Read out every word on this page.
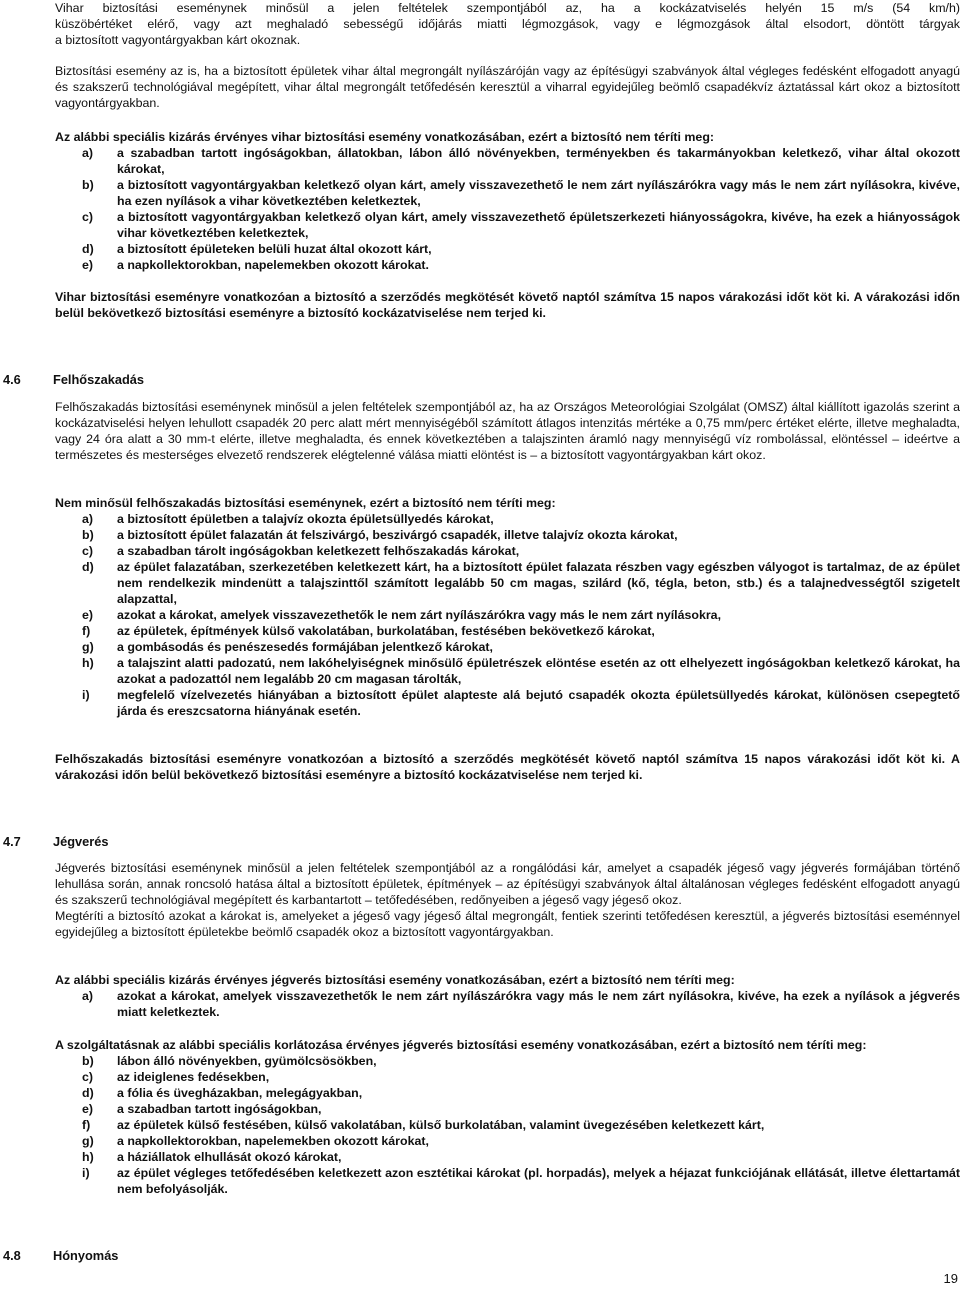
Vihar biztosítási eseménynek minősül a jelen feltételek szempontjából az, ha a kockázatviselés helyén 15 m/s (54 km/h)
küszöbértéket elérő, vagy azt meghaladó sebességű időjárás miatti légmozgások, vagy e légmozgások által elsodort, döntött tárgyak
a biztosított vagyontárgyakban kárt okoznak.

Biztosítási esemény az is, ha a biztosított épületek vihar által megrongált nyílászáróján vagy az építésügyi szabványok által végleges fedésként elfogadott anyagú és szakszerű technológiával megépített, vihar által megrongált tetőfedésén keresztül a viharral egyidejűleg beömlő csapadékvíz áztatással kárt okoz a biztosított vagyontárgyakban.

Az alábbi speciális kizárás érvényes vihar biztosítási esemény vonatkozásában, ezért a biztosító nem téríti meg:

a) a szabadban tartott ingóságokban, állatokban, lábon álló növényekben, terményekben és takarmányokban keletkező, vihar által okozott károkat,
b) a biztosított vagyontárgyakban keletkező olyan kárt, amely visszavezethető le nem zárt nyílászárókra vagy más le nem zárt nyílásokra, kivéve, ha ezen nyílások a vihar következtében keletkeztek,
c) a biztosított vagyontárgyakban keletkező olyan kárt, amely visszavezethető épületszerkezeti hiányosságokra, kivéve, ha ezek a hiányosságok vihar következtében keletkeztek,
d) a biztosított épületeken belüli huzat által okozott kárt,
e) a napkollektorokban, napelemekben okozott károkat.

Vihar biztosítási eseményre vonatkozóan a biztosító a szerződés megkötését követő naptól számítva 15 napos várakozási időt köt ki. A várakozási időn belül bekövetkező biztosítási eseményre a biztosító kockázatviselése nem terjed ki.

4.6	Felhőszakadás

Felhőszakadás biztosítási eseménynek minősül a jelen feltételek szempontjából az, ha az Országos Meteorológiai Szolgálat (OMSZ) által kiállított igazolás szerint a kockázatviselési helyen lehullott csapadék 20 perc alatt mért mennyiségéből számított átlagos intenzitás mértéke a 0,75 mm/perc értéket elérte, illetve meghaladta, vagy 24 óra alatt a 30 mm-t elérte, illetve meghaladta, és ennek következtében a talajszinten áramló nagy mennyiségű víz rombolással, elöntéssel – ideértve a természetes és mesterséges elvezető rendszerek elégtelenné válása miatti elöntést is – a biztosított vagyontárgyakban kárt okoz.

Nem minősül felhőszakadás biztosítási eseménynek, ezért a biztosító nem téríti meg:

a) a biztosított épületben a talajvíz okozta épületsüllyedés károkat,
b) a biztosított épület falazatán át felszivárgó, beszivárgó csapadék, illetve talajvíz okozta károkat,
c) a szabadban tárolt ingóságokban keletkezett felhőszakadás károkat,
d) az épület falazatában, szerkezetében keletkezett kárt, ha a biztosított épület falazata részben vagy egészben vályogot is tartalmaz, de az épület nem rendelkezik mindenütt a talajszinttől számított legalább 50 cm magas, szilárd (kő, tégla, beton, stb.) és a talajnedvességtől szigetelt alapzattal,
e) azokat a károkat, amelyek visszavezethetők le nem zárt nyílászárókra vagy más le nem zárt nyílásokra,
f) az épületek, építmények külső vakolatában, burkolatában, festésében bekövetkező károkat,
g) a gombásodás és penészesedés formájában jelentkező károkat,
h) a talajszint alatti padozatú, nem lakóhelyiségnek minősülő épületrészek elöntése esetén az ott elhelyezett ingóságokban keletkező károkat, ha azokat a padozattól nem legalább 20 cm magasan tárolták,
i) megfelelő vízelvezetés hiányában a biztosított épület alapteste alá bejutó csapadék okozta épületsüllyedés károkat, különösen csepegtető járda és ereszcsatorna hiányának esetén.

Felhőszakadás biztosítási eseményre vonatkozóan a biztosító a szerződés megkötését követő naptól számítva 15 napos várakozási időt köt ki. A várakozási időn belül bekövetkező biztosítási eseményre a biztosító kockázatviselése nem terjed ki.

4.7	Jégverés

Jégverés biztosítási eseménynek minősül a jelen feltételek szempontjából az a rongálódási kár, amelyet a csapadék jégeső vagy jégverés formájában történő lehullása során, annak roncsoló hatása által a biztosított épületek, építmények – az építésügyi szabványok által általánosan végleges fedésként elfogadott anyagú és szakszerű technológiával megépített és karbantartott – tetőfedésében, redőnyeiben a jégeső vagy jégeső okoz.

Megtéríti a biztosító azokat a károkat is, amelyeket a jégeső vagy jégeső által megrongált, fentiek szerinti tetőfedésen keresztül, a jégverés biztosítási eseménnyel egyidejűleg a biztosított épületekbe beömlő csapadék okoz a biztosított vagyontárgyakban.

Az alábbi speciális kizárás érvényes jégverés biztosítási esemény vonatkozásában, ezért a biztosító nem téríti meg:

a) azokat a károkat, amelyek visszavezethetők le nem zárt nyílászárókra vagy más le nem zárt nyílásokra, kivéve, ha ezek a nyílások a jégverés miatt keletkeztek.

A szolgáltatásnak az alábbi speciális korlátozása érvényes jégverés biztosítási esemény vonatkozásában, ezért a biztosító nem téríti meg:

b) lábon álló növényekben, gyümölcsösökben,
c) az ideiglenes fedésekben,
d) a fólia és üvegházakban, melegágyakban,
e) a szabadban tartott ingóságokban,
f) az épületek külső festésében, külső vakolatában, külső burkolatában, valamint üvegezésében keletkezett kárt,
g) a napkollektorokban, napelemekben okozott károkat,
h) a háziállatok elhullását okozó károkat,
i) az épület végleges tetőfedésében keletkezett azon esztétikai károkat (pl. horpadás), melyek a héjazat funkciójának ellátását, illetve élettartamát nem befolyásolják.
4.8	Hónyomás
19
